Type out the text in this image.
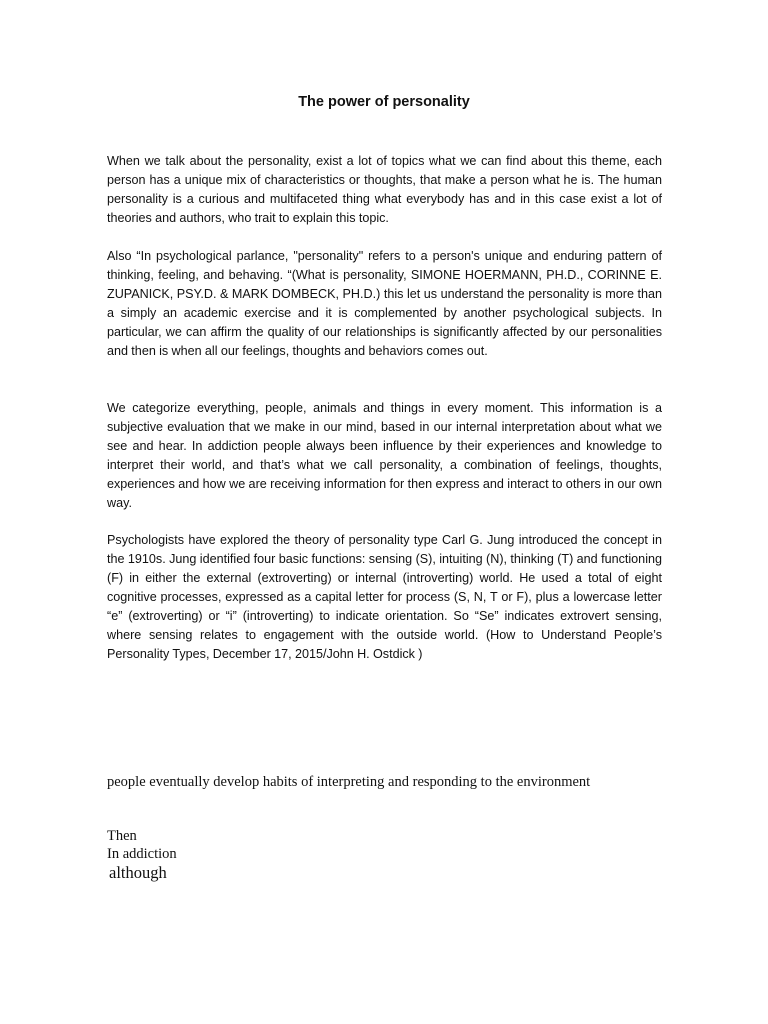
The power of personality

When we talk about the personality, exist a lot of topics what we can find about this theme, each person has a unique mix of characteristics or thoughts, that make a person what he is. The human personality is a curious and multifaceted thing what everybody has and in this case exist a lot of theories and authors, who trait to explain this topic.

Also “In psychological parlance, "personality" refers to a person's unique and enduring pattern of thinking, feeling, and behaving. “(What is personality, SIMONE HOERMANN, PH.D., CORINNE E. ZUPANICK, PSY.D. & MARK DOMBECK, PH.D.) this let us understand the personality is more than a simply an academic exercise and it is complemented by another psychological subjects. In particular, we can affirm the quality of our relationships is significantly affected by our personalities and then is when all our feelings, thoughts and behaviors comes out.

We categorize everything, people, animals and things in every moment. This information is a subjective evaluation that we make in our mind, based in our internal interpretation about what we see and hear. In addiction people always been influence by their experiences and knowledge to interpret their world, and that’s what we call personality, a combination of feelings, thoughts, experiences and how we are receiving information for then express and interact to others in our own way.

Psychologists have explored the theory of personality type Carl G. Jung introduced the concept in the 1910s. Jung identified four basic functions: sensing (S), intuiting (N), thinking (T) and functioning (F) in either the external (extroverting) or internal (introverting) world. He used a total of eight cognitive processes, expressed as a capital letter for process (S, N, T or F), plus a lowercase letter “e” (extroverting) or “i” (introverting) to indicate orientation. So “Se” indicates extrovert sensing, where sensing relates to engagement with the outside world. (How to Understand People’s Personality Types, December 17, 2015/John H. Ostdick )

people eventually develop habits of interpreting and responding to the environment

Then

In addiction

although
